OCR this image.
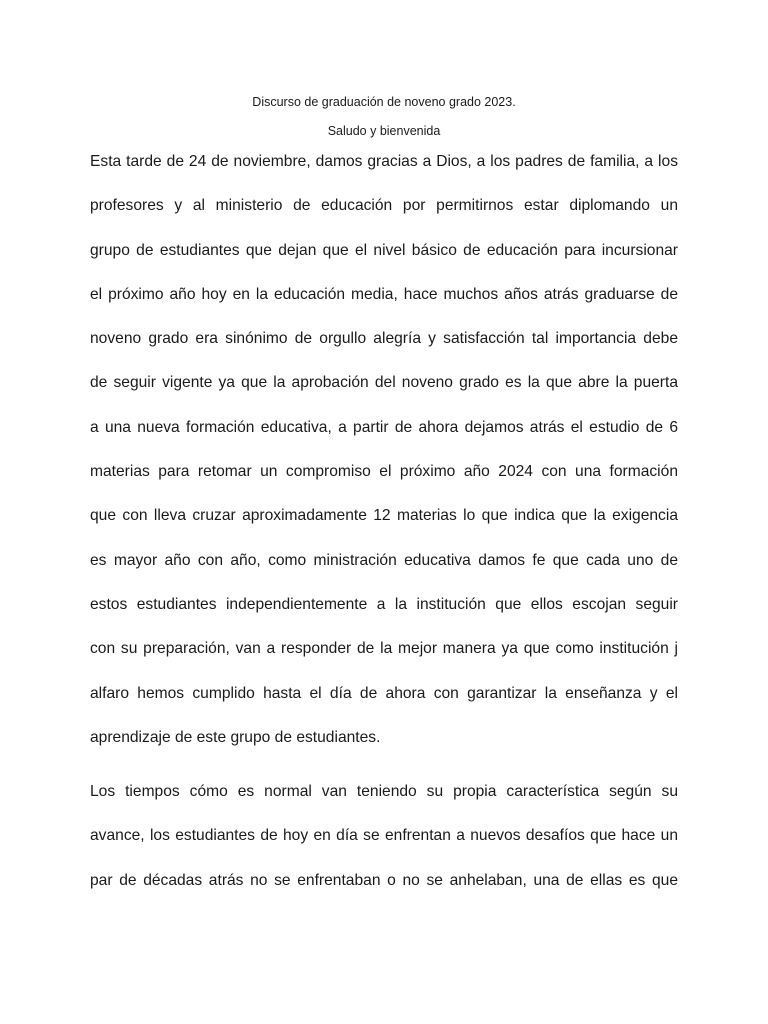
Discurso de graduación de noveno grado 2023.

Saludo y bienvenida

Esta tarde de 24 de noviembre, damos gracias a Dios, a los padres de familia, a los
profesores y al ministerio de educación por permitirnos estar diplomando un
grupo de estudiantes que dejan que el nivel básico de educación para incursionar
el próximo año hoy en la educación media, hace muchos años atrás graduarse de
noveno grado era sinónimo de orgullo alegría y satisfacción tal importancia debe
de seguir vigente ya que la aprobación del noveno grado es la que abre la puerta
a una nueva formación educativa, a partir de ahora dejamos atrás el estudio de 6
materias para retomar un compromiso el próximo año 2024 con una formación
que con lleva cruzar aproximadamente 12 materias lo que indica que la exigencia
es mayor año con año, como ministración educativa damos fe que cada uno de
estos estudiantes independientemente a la institución que ellos escojan seguir
con su preparación, van a responder de la mejor manera ya que como institución j
alfaro hemos cumplido hasta el día de ahora con garantizar la enseñanza y el
aprendizaje de este grupo de estudiantes.
Los tiempos cómo es normal van teniendo su propia característica según su
avance, los estudiantes de hoy en día se enfrentan a nuevos desafíos que hace un
par de décadas atrás no se enfrentaban o no se anhelaban, una de ellas es que
